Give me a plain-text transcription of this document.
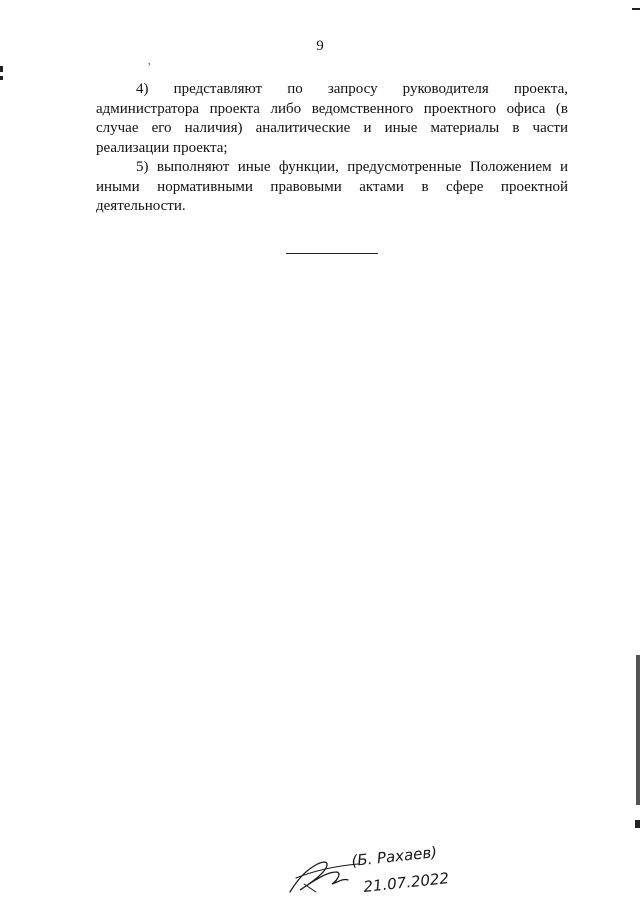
9
,

4) представляют по запросу руководителя проекта, администратора проекта либо ведомственного проектного офиса (в случае его наличия) аналитические и иные материалы в части реализации проекта;

5) выполняют иные функции, предусмотренные Положением и иными нормативными правовыми актами в сфере проектной деятельности.

(Б. Рахаев)
21.07.2022
